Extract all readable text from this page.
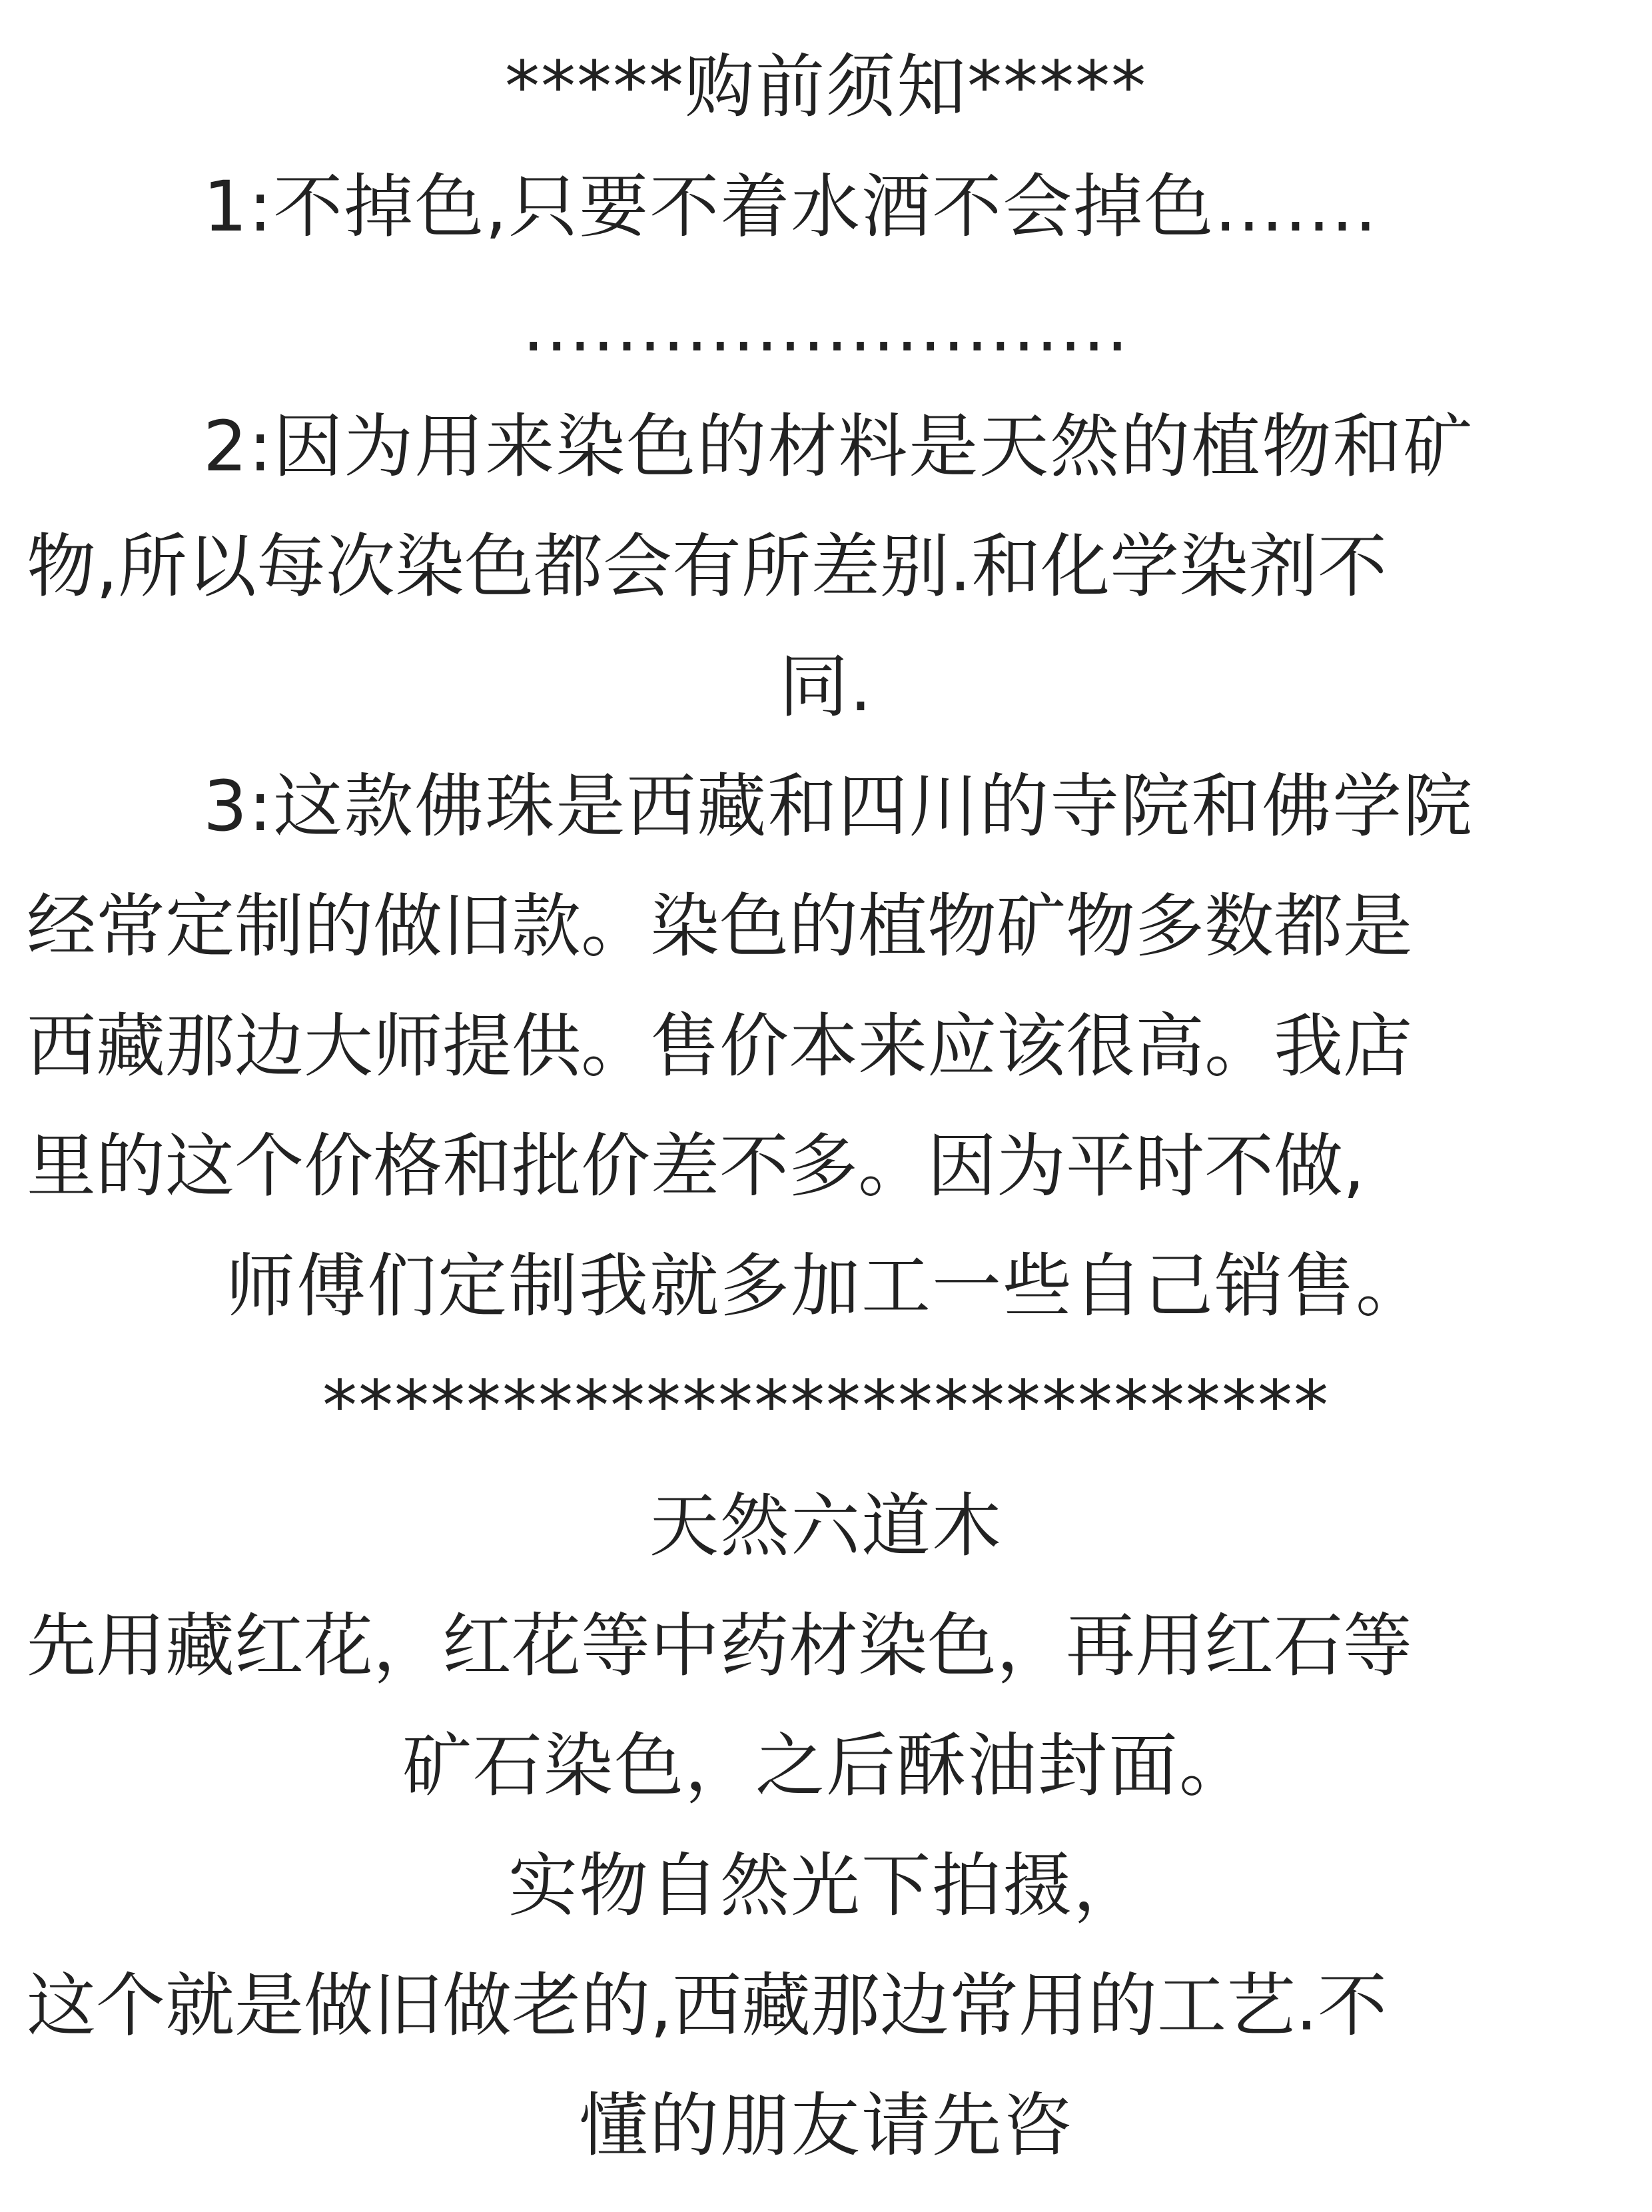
*****购前须知*****
1:不掉色,只要不着水酒不会掉色.......
..........................
2:因为用来染色的材料是天然的植物和矿
物,所以每次染色都会有所差别.和化学染剂不
同.
3:这款佛珠是西藏和四川的寺院和佛学院
经常定制的做旧款。染色的植物矿物多数都是
西藏那边大师提供。售价本来应该很高。我店
里的这个价格和批价差不多。因为平时不做,
师傅们定制我就多加工一些自己销售。
****************************
天然六道木
先用藏红花，红花等中药材染色，再用红石等
矿石染色，之后酥油封面。
实物自然光下拍摄，
这个就是做旧做老的,西藏那边常用的工艺.不
懂的朋友请先咨
